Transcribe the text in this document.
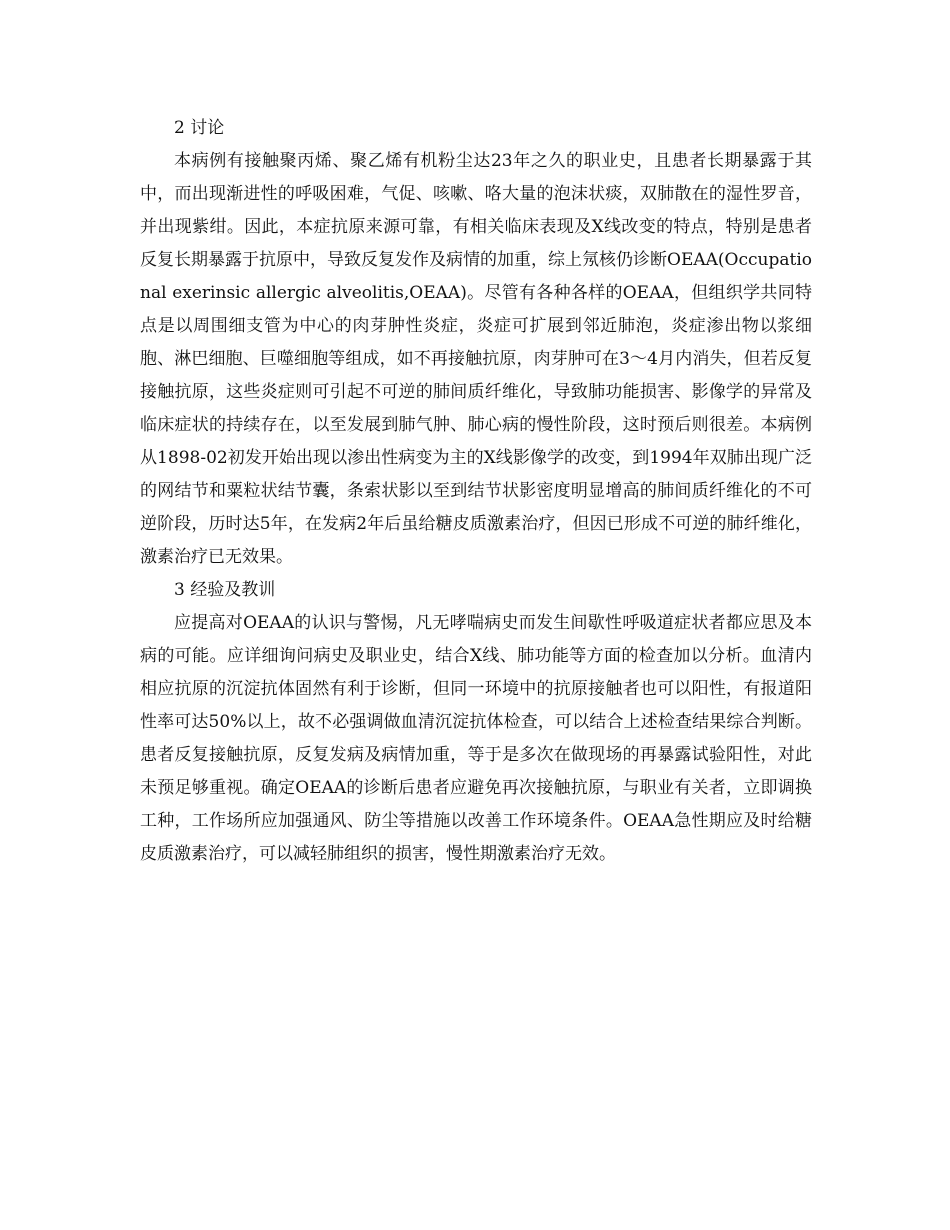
2 讨论

本病例有接触聚丙烯、聚乙烯有机粉尘达23年之久的职业史，且患者长期暴露于其中，而出现渐进性的呼吸困难，气促、咳嗽、咯大量的泡沫状痰，双肺散在的湿性罗音，并出现紫绀。因此，本症抗原来源可靠，有相关临床表现及X线改变的特点，特别是患者反复长期暴露于抗原中，导致反复发作及病情的加重，综上氖核仍诊断OEAA(Occupational exerinsic allergic alveolitis,OEAA)。尽管有各种各样的OEAA，但组织学共同特点是以周围细支管为中心的肉芽肿性炎症，炎症可扩展到邻近肺泡，炎症渗出物以浆细胞、淋巴细胞、巨噬细胞等组成，如不再接触抗原，肉芽肿可在3～4月内消失，但若反复接触抗原，这些炎症则可引起不可逆的肺间质纤维化，导致肺功能损害、影像学的异常及临床症状的持续存在，以至发展到肺气肿、肺心病的慢性阶段，这时预后则很差。本病例从1898-02初发开始出现以渗出性病变为主的X线影像学的改变，到1994年双肺出现广泛的网结节和粟粒状结节囊，条索状影以至到结节状影密度明显增高的肺间质纤维化的不可逆阶段，历时达5年，在发病2年后虽给糖皮质激素治疗，但因已形成不可逆的肺纤维化，激素治疗已无效果。

3 经验及教训

应提高对OEAA的认识与警惕，凡无哮喘病史而发生间歇性呼吸道症状者都应思及本病的可能。应详细询问病史及职业史，结合X线、肺功能等方面的检查加以分析。血清内相应抗原的沉淀抗体固然有利于诊断，但同一环境中的抗原接触者也可以阳性，有报道阳性率可达50%以上，故不必强调做血清沉淀抗体检查，可以结合上述检查结果综合判断。患者反复接触抗原，反复发病及病情加重，等于是多次在做现场的再暴露试验阳性，对此未预足够重视。确定OEAA的诊断后患者应避免再次接触抗原，与职业有关者，立即调换工种，工作场所应加强通风、防尘等措施以改善工作环境条件。OEAA急性期应及时给糖皮质激素治疗，可以减轻肺组织的损害，慢性期激素治疗无效。
